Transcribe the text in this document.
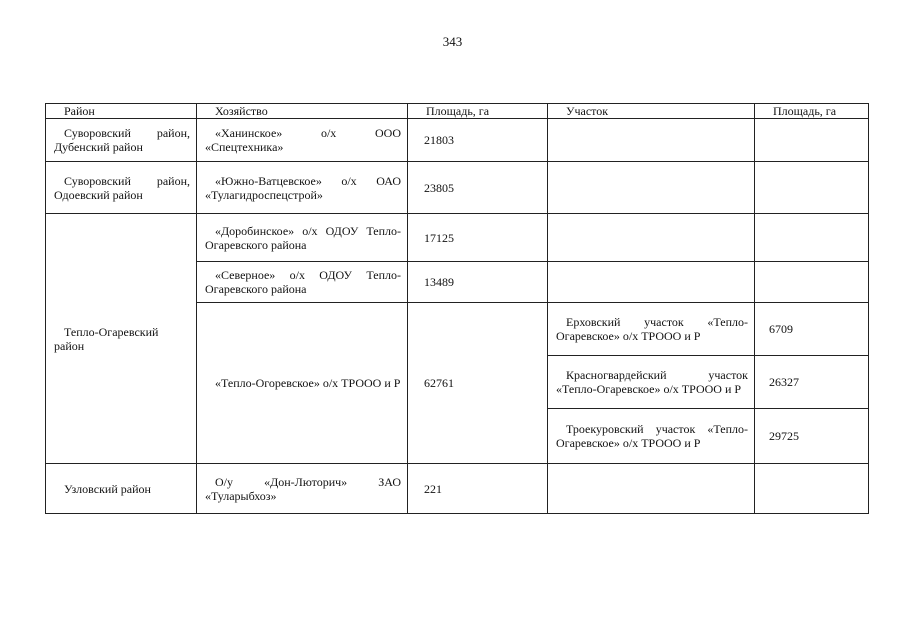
343
Район	Хозяйство	Площадь, га	Участок	Площадь, га

Суворовский район, Дубенский район	«Ханинское» о/х ООО «Спецтехника»	21803		

Суворовский район, Одоевский район	«Южно-Ватцевское» о/х ОАО «Тулагидроспецстрой»	23805		

Тепло-Огаревский район	«Доробинское» о/х ОДОУ Тепло-Огаревского района	17125		

	«Северное» о/х ОДОУ Тепло-Огаревского района	13489		

	«Тепло-Огоревское» о/х ТРООО и Р	62761	Ерховский участок «Тепло-Огаревское» о/х ТРООО и Р	6709

			Красногвардейский участок «Тепло-Огаревское» о/х ТРООО и Р	26327

			Троекуровский участок «Тепло-Огаревское» о/х ТРООО и Р	29725

Узловский район	О/у «Дон-Люторич» ЗАО «Туларыбхоз»	221		
